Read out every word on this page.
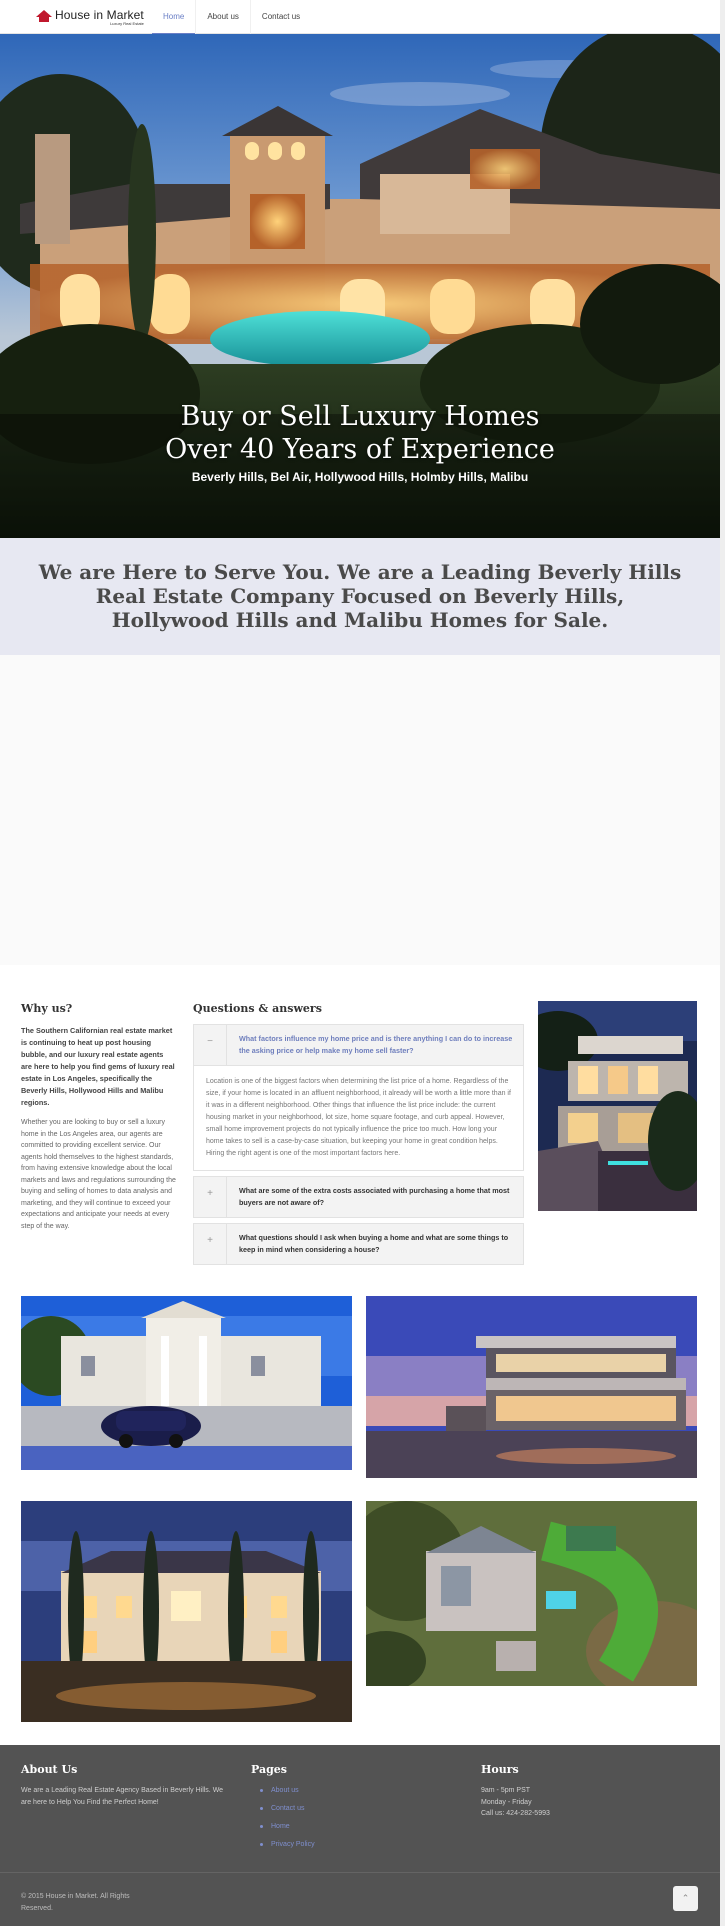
House in Market
Luxury Real Estate
Home	About us	Contact us
Buy or Sell Luxury Homes
Over 40 Years of Experience
Beverly Hills, Bel Air, Hollywood Hills, Holmby Hills, Malibu
We are Here to Serve You. We are a Leading Beverly Hills Real Estate Company Focused on Beverly Hills, Hollywood Hills and Malibu Homes for Sale.
Why us?
The Southern Californian real estate market is continuing to heat up post housing bubble, and our luxury real estate agents are here to help you find gems of luxury real estate in Los Angeles, specifically the Beverly Hills, Hollywood Hills and Malibu regions.
Whether you are looking to buy or sell a luxury home in the Los Angeles area, our agents are committed to providing excellent service. Our agents hold themselves to the highest standards, from having extensive knowledge about the local markets and laws and regulations surrounding the buying and selling of homes to data analysis and marketing, and they will continue to exceed your expectations and anticipate your needs at every step of the way.
Questions & answers
−	What factors influence my home price and is there anything I can do to increase the asking price or help make my home sell faster?
Location is one of the biggest factors when determining the list price of a home. Regardless of the size, if your home is located in an affluent neighborhood, it already will be worth a little more than if it was in a different neighborhood. Other things that influence the list price include: the current housing market in your neighborhood, lot size, home square footage, and curb appeal. However, small home improvement projects do not typically influence the price too much. How long your home takes to sell is a case-by-case situation, but keeping your home in great condition helps. Hiring the right agent is one of the most important factors here.
+	What are some of the extra costs associated with purchasing a home that most buyers are not aware of?
+	What questions should I ask when buying a home and what are some things to keep in mind when considering a house?
About Us
We are a Leading Real Estate Agency Based in Beverly Hills. We are here to Help You Find the Perfect Home!
Pages
About us
Contact us
Home
Privacy Policy
Hours
9am - 5pm PST
Monday - Friday
Call us: 424-282-5993
© 2015 House in Market. All Rights Reserved.
⌃
